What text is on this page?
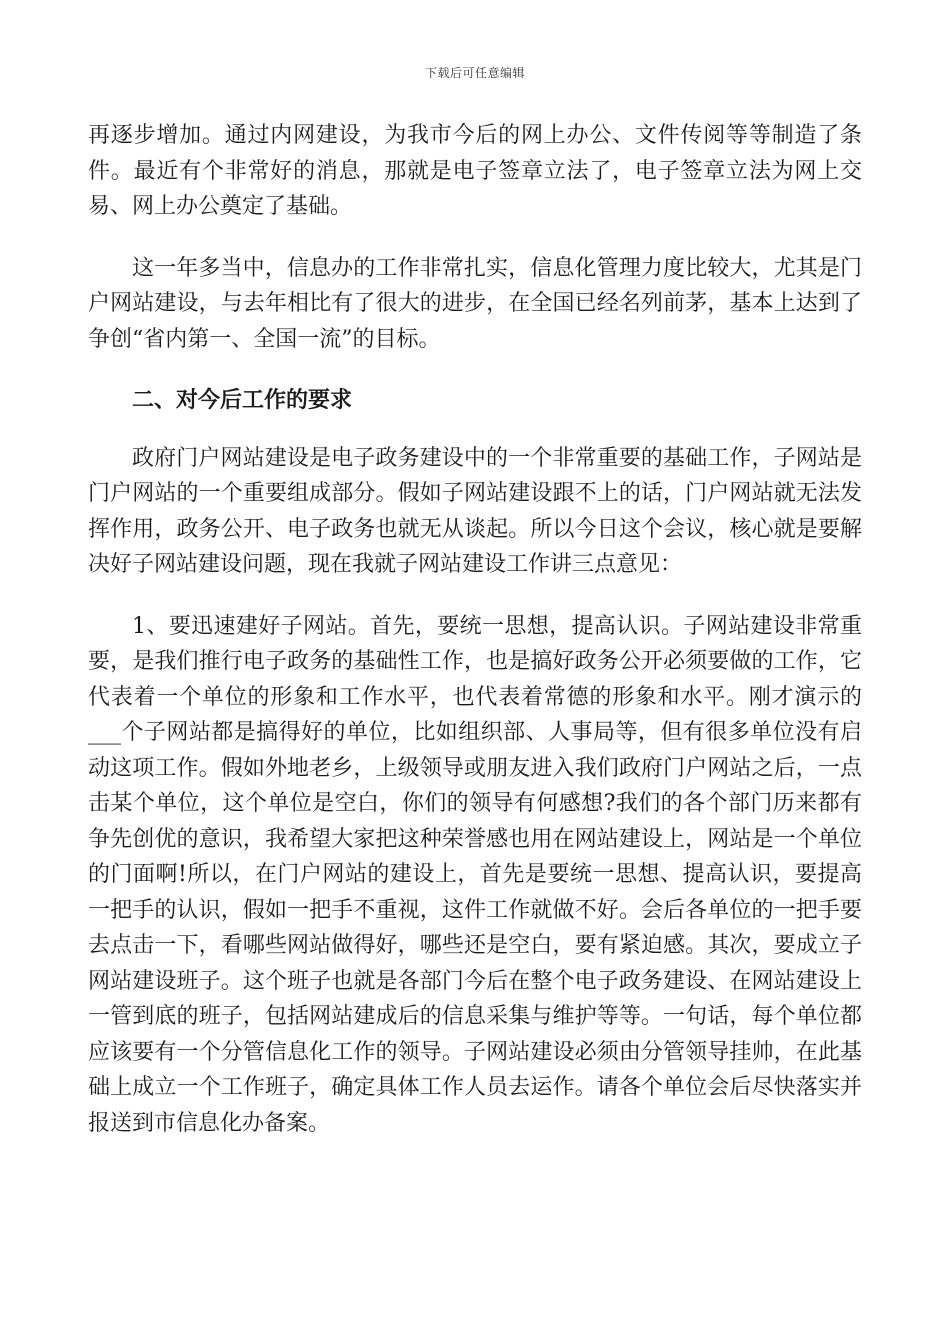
下载后可任意编辑

再逐步增加。通过内网建设，为我市今后的网上办公、文件传阅等等制造了条件。最近有个非常好的消息，那就是电子签章立法了，电子签章立法为网上交易、网上办公奠定了基础。

这一年多当中，信息办的工作非常扎实，信息化管理力度比较大，尤其是门户网站建设，与去年相比有了很大的进步，在全国已经名列前茅，基本上达到了争创“省内第一、全国一流”的目标。

二、对今后工作的要求

政府门户网站建设是电子政务建设中的一个非常重要的基础工作，子网站是门户网站的一个重要组成部分。假如子网站建设跟不上的话，门户网站就无法发挥作用，政务公开、电子政务也就无从谈起。所以今日这个会议，核心就是要解决好子网站建设问题，现在我就子网站建设工作讲三点意见：

1、要迅速建好子网站。首先，要统一思想，提高认识。子网站建设非常重要，是我们推行电子政务的基础性工作，也是搞好政务公开必须要做的工作，它代表着一个单位的形象和工作水平，也代表着常德的形象和水平。刚才演示的___个子网站都是搞得好的单位，比如组织部、人事局等，但有很多单位没有启动这项工作。假如外地老乡，上级领导或朋友进入我们政府门户网站之后，一点击某个单位，这个单位是空白，你们的领导有何感想?我们的各个部门历来都有争先创优的意识，我希望大家把这种荣誉感也用在网站建设上，网站是一个单位的门面啊!所以，在门户网站的建设上，首先是要统一思想、提高认识，要提高一把手的认识，假如一把手不重视，这件工作就做不好。会后各单位的一把手要去点击一下，看哪些网站做得好，哪些还是空白，要有紧迫感。其次，要成立子网站建设班子。这个班子也就是各部门今后在整个电子政务建设、在网站建设上一管到底的班子，包括网站建成后的信息采集与维护等等。一句话，每个单位都应该要有一个分管信息化工作的领导。子网站建设必须由分管领导挂帅，在此基础上成立一个工作班子，确定具体工作人员去运作。请各个单位会后尽快落实并报送到市信息化办备案。
